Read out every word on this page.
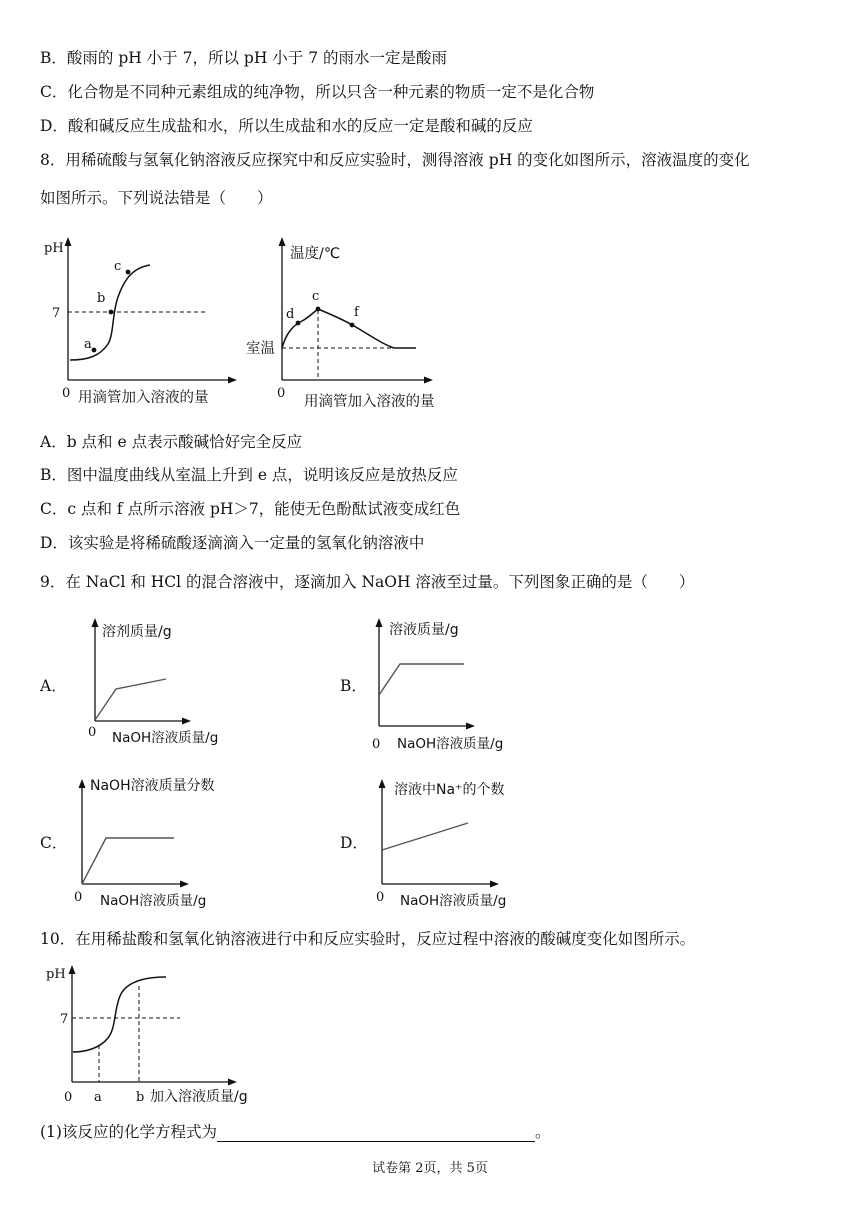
B．酸雨的 pH 小于 7，所以 pH 小于 7 的雨水一定是酸雨
C．化合物是不同种元素组成的纯净物，所以只含一种元素的物质一定不是化合物
D．酸和碱反应生成盐和水，所以生成盐和水的反应一定是酸和碱的反应
8．用稀硫酸与氢氧化钠溶液反应探究中和反应实验时，测得溶液 pH 的变化如图所示，溶液温度的变化
如图所示。下列说法错是（　　）
pH
7
a
b
c
0 用滴管加入溶液的量
温度/℃
d
c
f
室温
0
用滴管加入溶液的量
A．b 点和 e 点表示酸碱恰好完全反应
B．图中温度曲线从室温上升到 e 点，说明该反应是放热反应
C．c 点和 f 点所示溶液 pH＞7，能使无色酚酞试液变成红色
D．该实验是将稀硫酸逐滴滴入一定量的氢氧化钠溶液中
9．在 NaCl 和 HCl 的混合溶液中，逐滴加入 NaOH 溶液至过量。下列图象正确的是（　　）
A．	B．
C．	D．
溶剂质量/g
0 NaOH溶液质量/g
溶液质量/g
0 NaOH溶液质量/g
NaOH溶液质量分数
0 NaOH溶液质量/g
溶液中Na⁺的个数
0 NaOH溶液质量/g
10．在用稀盐酸和氢氧化钠溶液进行中和反应实验时，反应过程中溶液的酸碱度变化如图所示。
pH
7
0 a	b 加入溶液质量/g
(1)该反应的化学方程式为	。
试卷第 2页，共 5页
